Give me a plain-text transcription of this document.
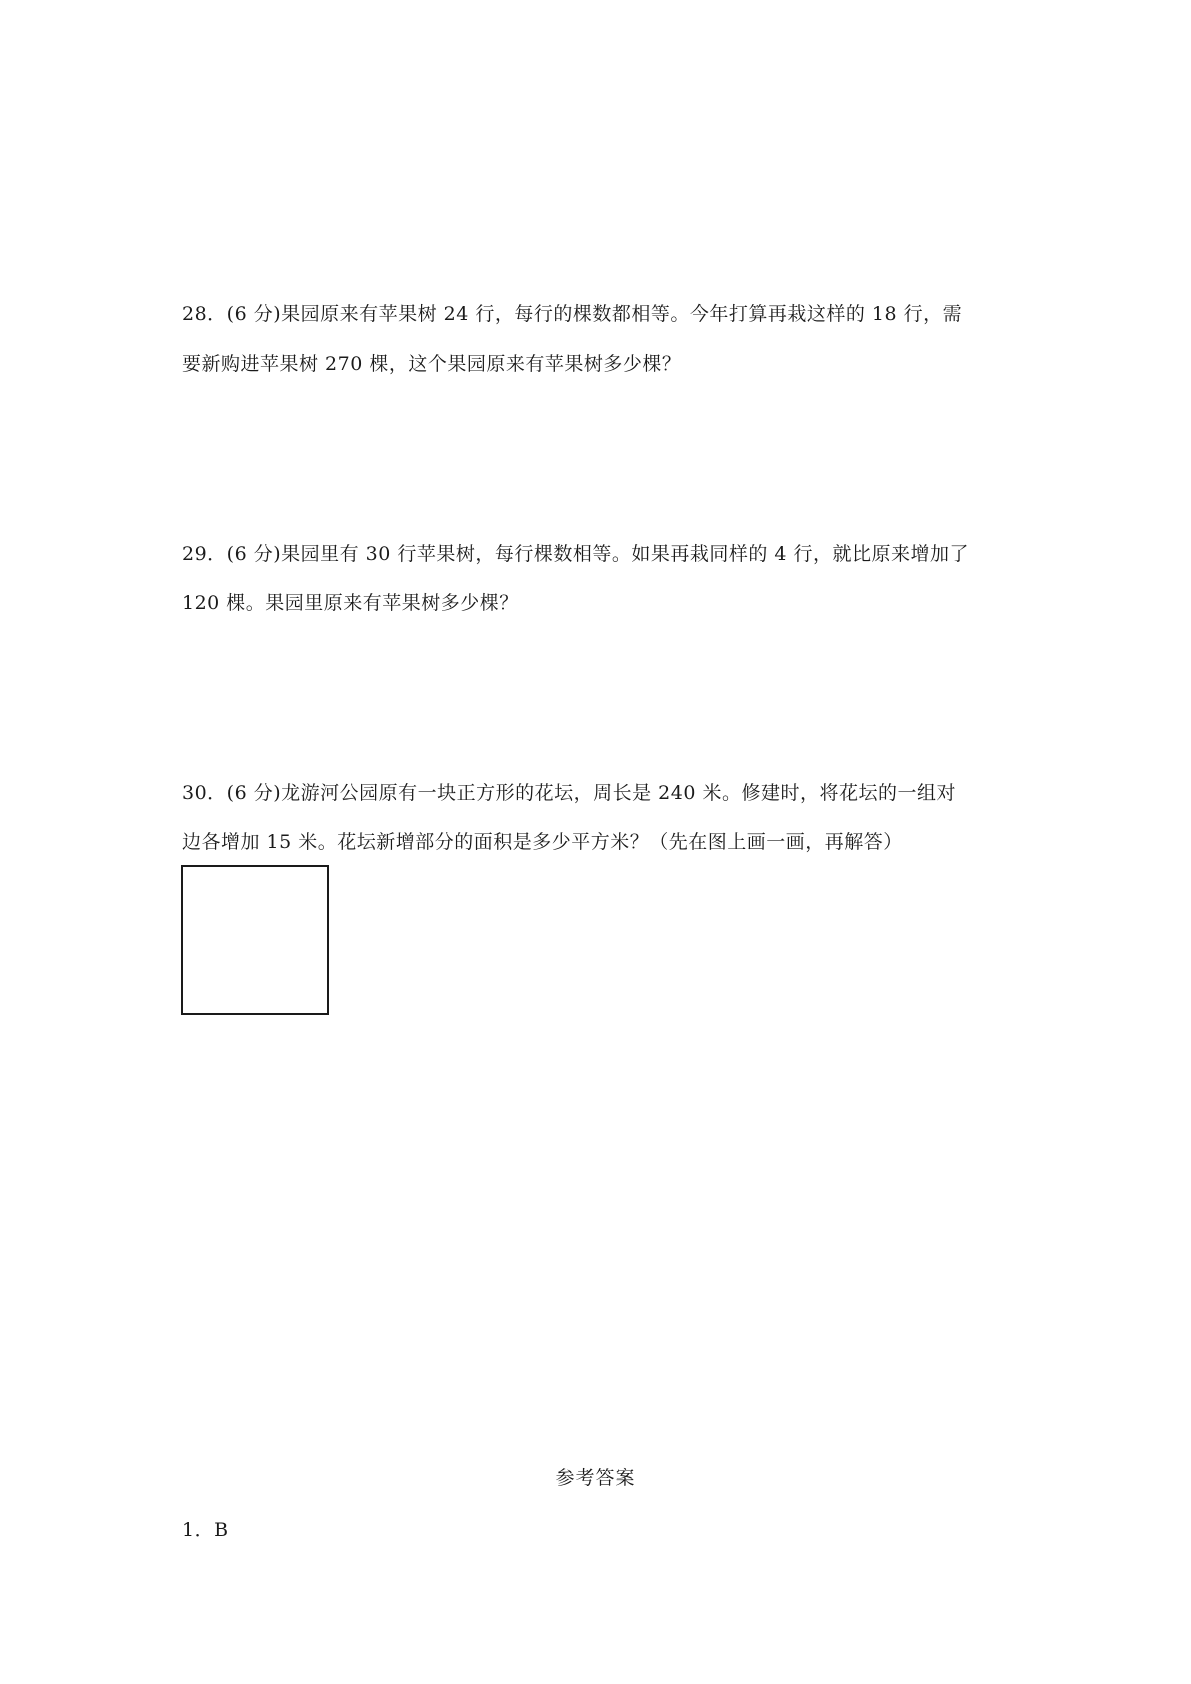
28．(6 分)果园原来有苹果树 24 行，每行的棵数都相等。今年打算再栽这样的 18 行，需
要新购进苹果树 270 棵，这个果园原来有苹果树多少棵？
29．(6 分)果园里有 30 行苹果树，每行棵数相等。如果再栽同样的 4 行，就比原来增加了
120 棵。果园里原来有苹果树多少棵？
30．(6 分)龙游河公园原有一块正方形的花坛，周长是 240 米。修建时，将花坛的一组对
边各增加 15 米。花坛新增部分的面积是多少平方米？（先在图上画一画，再解答）
参考答案
1．B
